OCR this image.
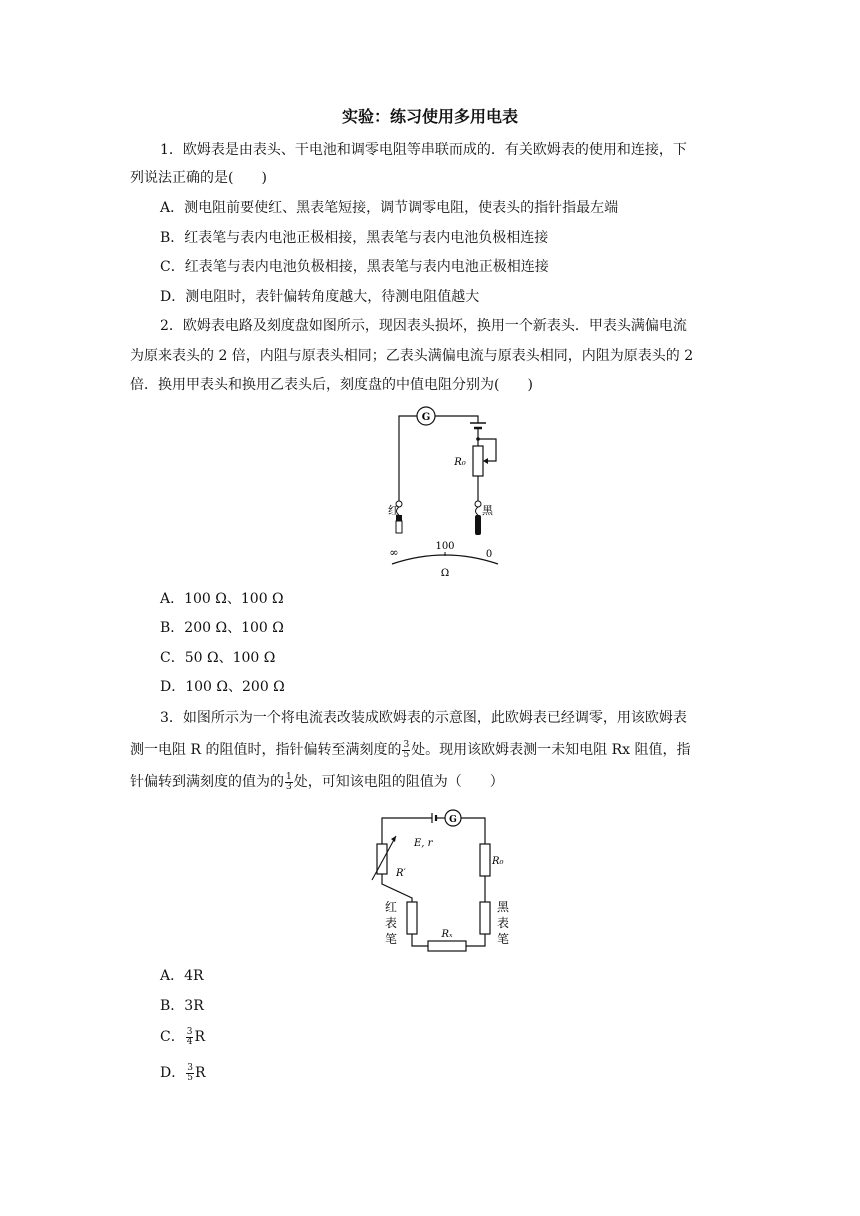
实验：练习使用多用电表
1．欧姆表是由表头、干电池和调零电阻等串联而成的．有关欧姆表的使用和连接，下
列说法正确的是(　　)
A．测电阻前要使红、黑表笔短接，调节调零电阻，使表头的指针指最左端
B．红表笔与表内电池正极相接，黑表笔与表内电池负极相连接
C．红表笔与表内电池负极相接，黑表笔与表内电池正极相连接
D．测电阻时，表针偏转角度越大，待测电阻值越大
2．欧姆表电路及刻度盘如图所示，现因表头损坏，换用一个新表头．甲表头满偏电流
为原来表头的 2 倍，内阻与原表头相同；乙表头满偏电流与原表头相同，内阻为原表头的 2
倍．换用甲表头和换用乙表头后，刻度盘的中值电阻分别为(　　)
G
R₀
红	黑
∞	100
0
Ω
A．100 Ω、100 Ω
B．200 Ω、100 Ω
C．50 Ω、100 Ω
D．100 Ω、200 Ω
3．如图所示为一个将电流表改装成欧姆表的示意图，此欧姆表已经调零，用该欧姆表
测一电阻 R 的阻值时，指针偏转至满刻度的 $\frac{3}{5}$ 处。现用该欧姆表测一未知电阻 Rx 阻值，指
针偏转到满刻度的值为的 $\frac{1}{3}$ 处，可知该电阻的阻值为（　　）
G
E, r
R′
R₀
红
表
笔
黑
表
笔
Rₓ
A．4R
B．3R
C． $\frac{3}{4}$ R
D． $\frac{3}{5}$ R
